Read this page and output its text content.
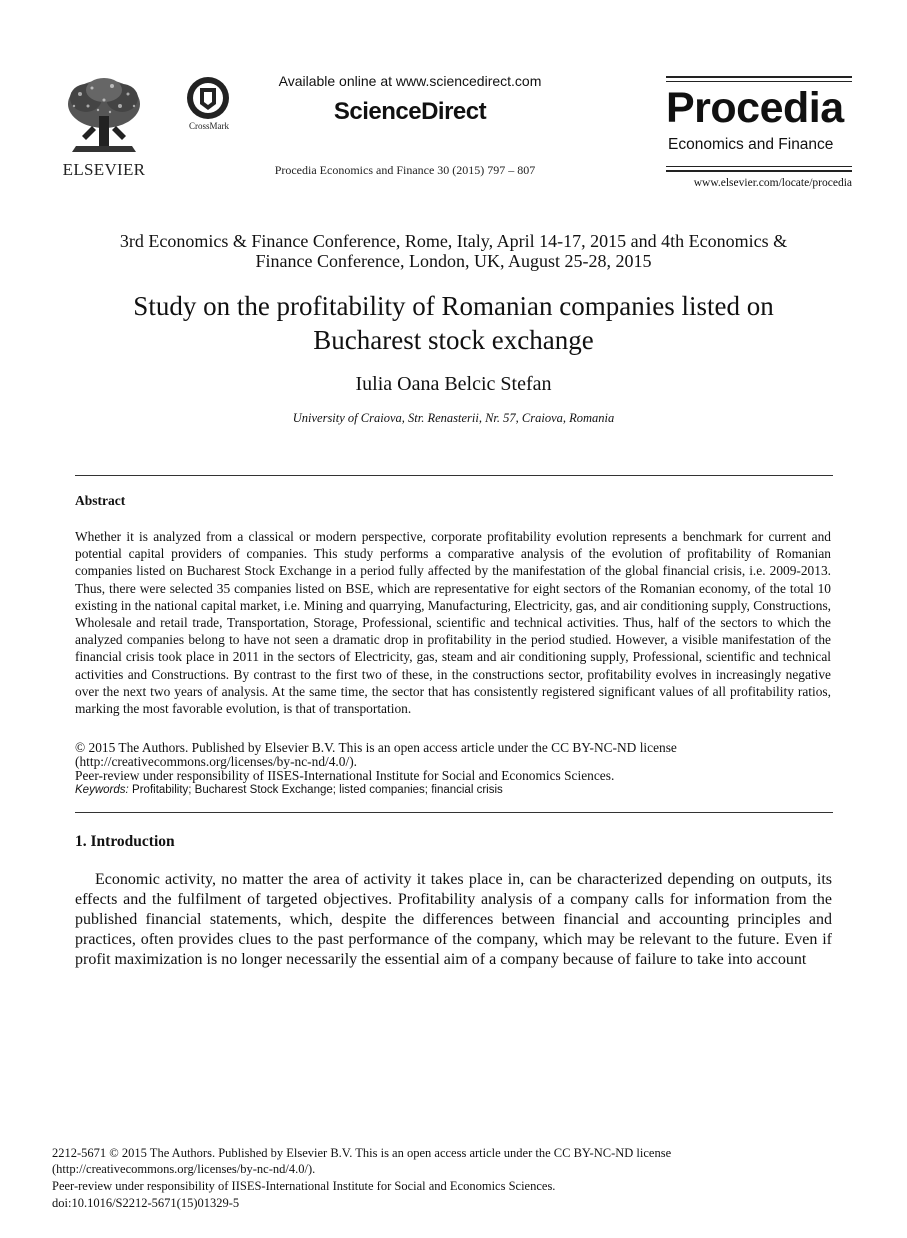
ELSEVIER
CrossMark
Available online at www.sciencedirect.com
ScienceDirect
Procedia Economics and Finance 30 (2015) 797 – 807
Procedia
Economics and Finance
www.elsevier.com/locate/procedia
3rd Economics & Finance Conference, Rome, Italy, April 14-17, 2015 and 4th Economics &
Finance Conference, London, UK, August 25-28, 2015
Study on the profitability of Romanian companies listed on
Bucharest stock exchange
Iulia Oana Belcic Stefan
University of Craiova, Str. Renasterii, Nr. 57, Craiova, Romania
Abstract

Whether it is analyzed from a classical or modern perspective, corporate profitability evolution represents a benchmark for current and potential capital providers of companies. This study performs a comparative analysis of the evolution of profitability of Romanian companies listed on Bucharest Stock Exchange in a period fully affected by the manifestation of the global financial crisis, i.e. 2009-2013. Thus, there were selected 35 companies listed on BSE, which are representative for eight sectors of the Romanian economy, of the total 10 existing in the national capital market, i.e. Mining and quarrying, Manufacturing, Electricity, gas, and air conditioning supply, Constructions, Wholesale and retail trade, Transportation, Storage, Professional, scientific and technical activities. Thus, half of the sectors to which the analyzed companies belong to have not seen a dramatic drop in profitability in the period studied. However, a visible manifestation of the financial crisis took place in 2011 in the sectors of Electricity, gas, steam and air conditioning supply, Professional, scientific and technical activities and Constructions. By contrast to the first two of these, in the constructions sector, profitability evolves in increasingly negative over the next two years of analysis. At the same time, the sector that has consistently registered significant values of all profitability ratios, marking the most favorable evolution, is that of transportation.

© 2015 The Authors. Published by Elsevier B.V. This is an open access article under the CC BY-NC-ND license

(http://creativecommons.org/licenses/by-nc-nd/4.0/).

Peer-review under responsibility of IISES-International Institute for Social and Economics Sciences.

Keywords: Profitability; Bucharest Stock Exchange; listed companies; financial crisis

1. Introduction

Economic activity, no matter the area of activity it takes place in, can be characterized depending on outputs, its effects and the fulfilment of targeted objectives. Profitability analysis of a company calls for information from the published financial statements, which, despite the differences between financial and accounting principles and practices, often provides clues to the past performance of the company, which may be relevant to the future. Even if profit maximization is no longer necessarily the essential aim of a company because of failure to take into account

2212-5671 © 2015 The Authors. Published by Elsevier B.V. This is an open access article under the CC BY-NC-ND license

(http://creativecommons.org/licenses/by-nc-nd/4.0/).

Peer-review under responsibility of IISES-International Institute for Social and Economics Sciences.

doi:10.1016/S2212-5671(15)01329-5
